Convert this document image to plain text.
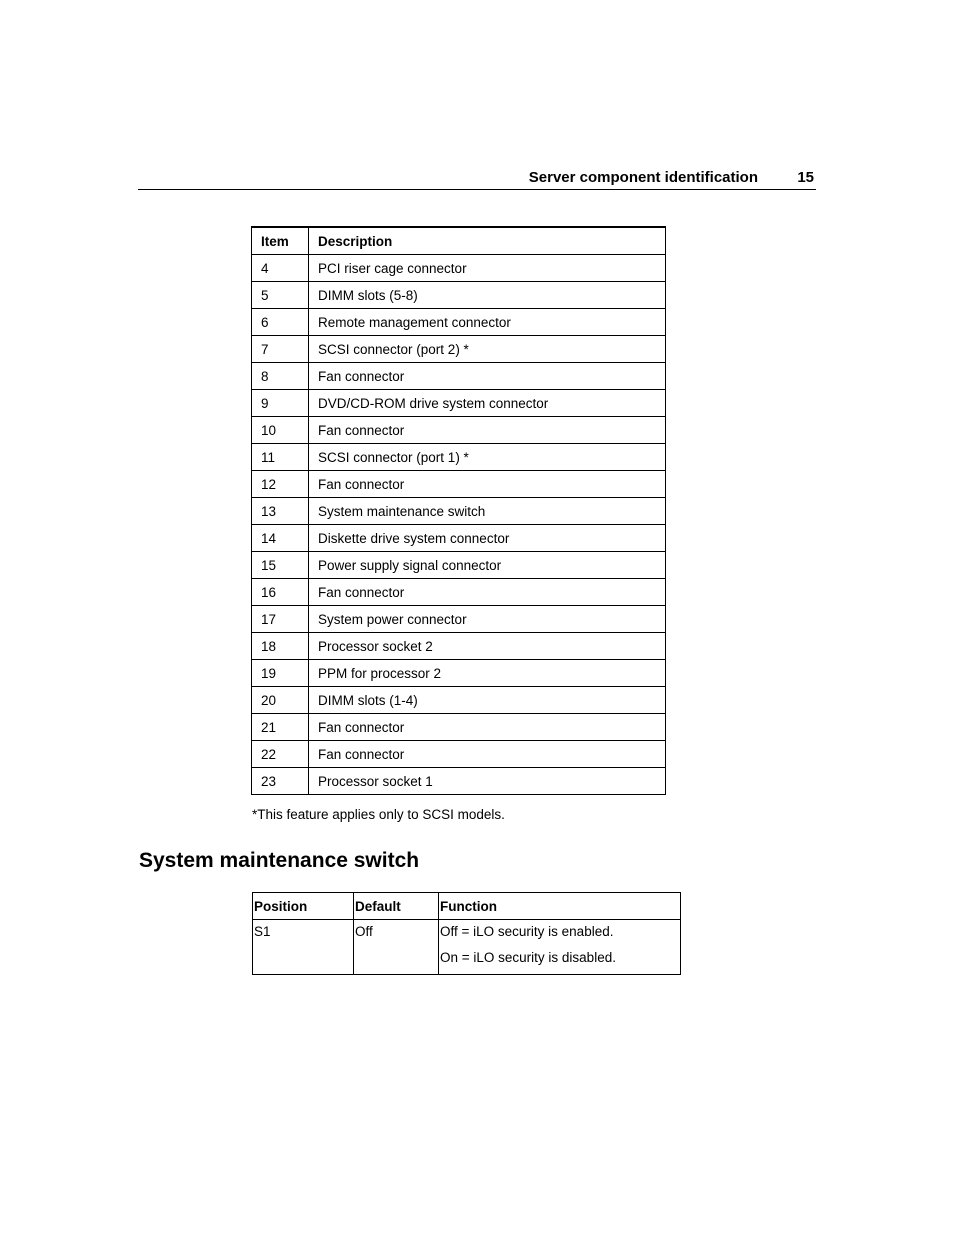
Server component identification	15
Item	Description
4	PCI riser cage connector
5	DIMM slots (5-8)
6	Remote management connector
7	SCSI connector (port 2) *
8	Fan connector
9	DVD/CD-ROM drive system connector
10	Fan connector
11	SCSI connector (port 1) *
12	Fan connector
13	System maintenance switch
14	Diskette drive system connector
15	Power supply signal connector
16	Fan connector
17	System power connector
18	Processor socket 2
19	PPM for processor 2
20	DIMM slots (1-4)
21	Fan connector
22	Fan connector
23	Processor socket 1
*This feature applies only to SCSI models.
System maintenance switch
Position	Default	Function
S1	Off	Off = iLO security is enabled.
On = iLO security is disabled.
